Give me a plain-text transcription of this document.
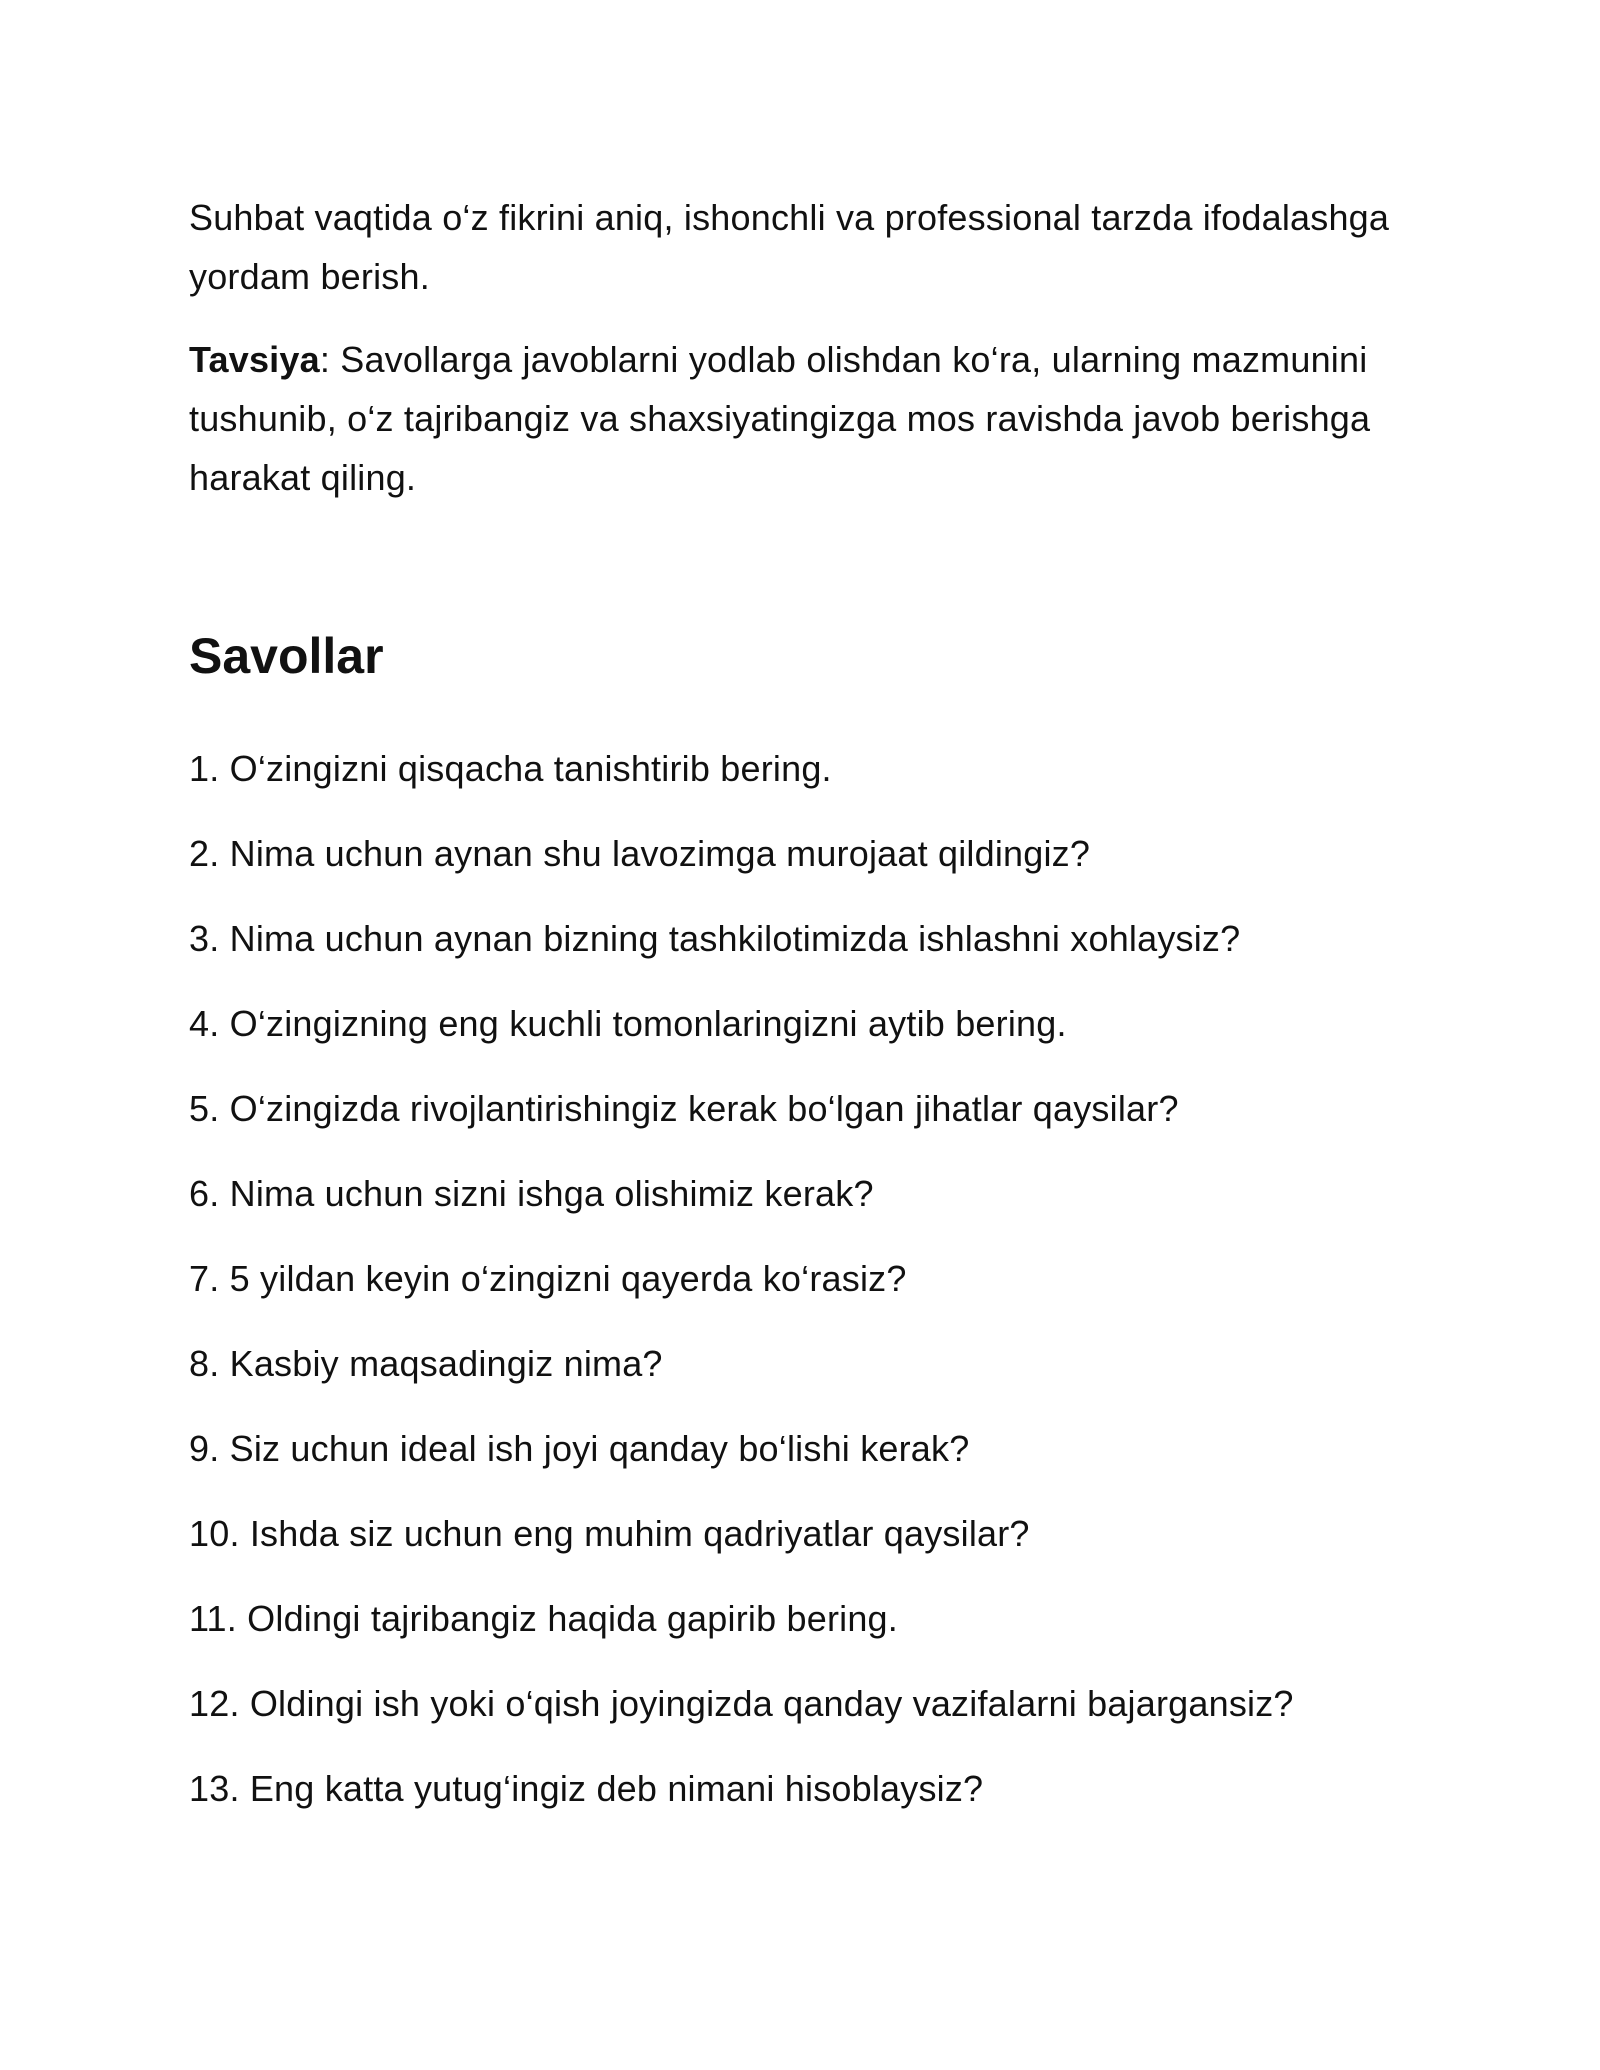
Suhbat vaqtida o‘z fikrini aniq, ishonchli va professional tarzda ifodalashga yordam berish.

Tavsiya: Savollarga javoblarni yodlab olishdan ko‘ra, ularning mazmunini tushunib, o‘z tajribangiz va shaxsiyatingizga mos ravishda javob berishga harakat qiling.

Savollar
1. O‘zingizni qisqacha tanishtirib bering.
2. Nima uchun aynan shu lavozimga murojaat qildingiz?
3. Nima uchun aynan bizning tashkilotimizda ishlashni xohlaysiz?
4. O‘zingizning eng kuchli tomonlaringizni aytib bering.
5. O‘zingizda rivojlantirishingiz kerak bo‘lgan jihatlar qaysilar?
6. Nima uchun sizni ishga olishimiz kerak?
7. 5 yildan keyin o‘zingizni qayerda ko‘rasiz?
8. Kasbiy maqsadingiz nima?
9. Siz uchun ideal ish joyi qanday bo‘lishi kerak?
10. Ishda siz uchun eng muhim qadriyatlar qaysilar?
11. Oldingi tajribangiz haqida gapirib bering.
12. Oldingi ish yoki o‘qish joyingizda qanday vazifalarni bajargansiz?
13. Eng katta yutug‘ingiz deb nimani hisoblaysiz?
